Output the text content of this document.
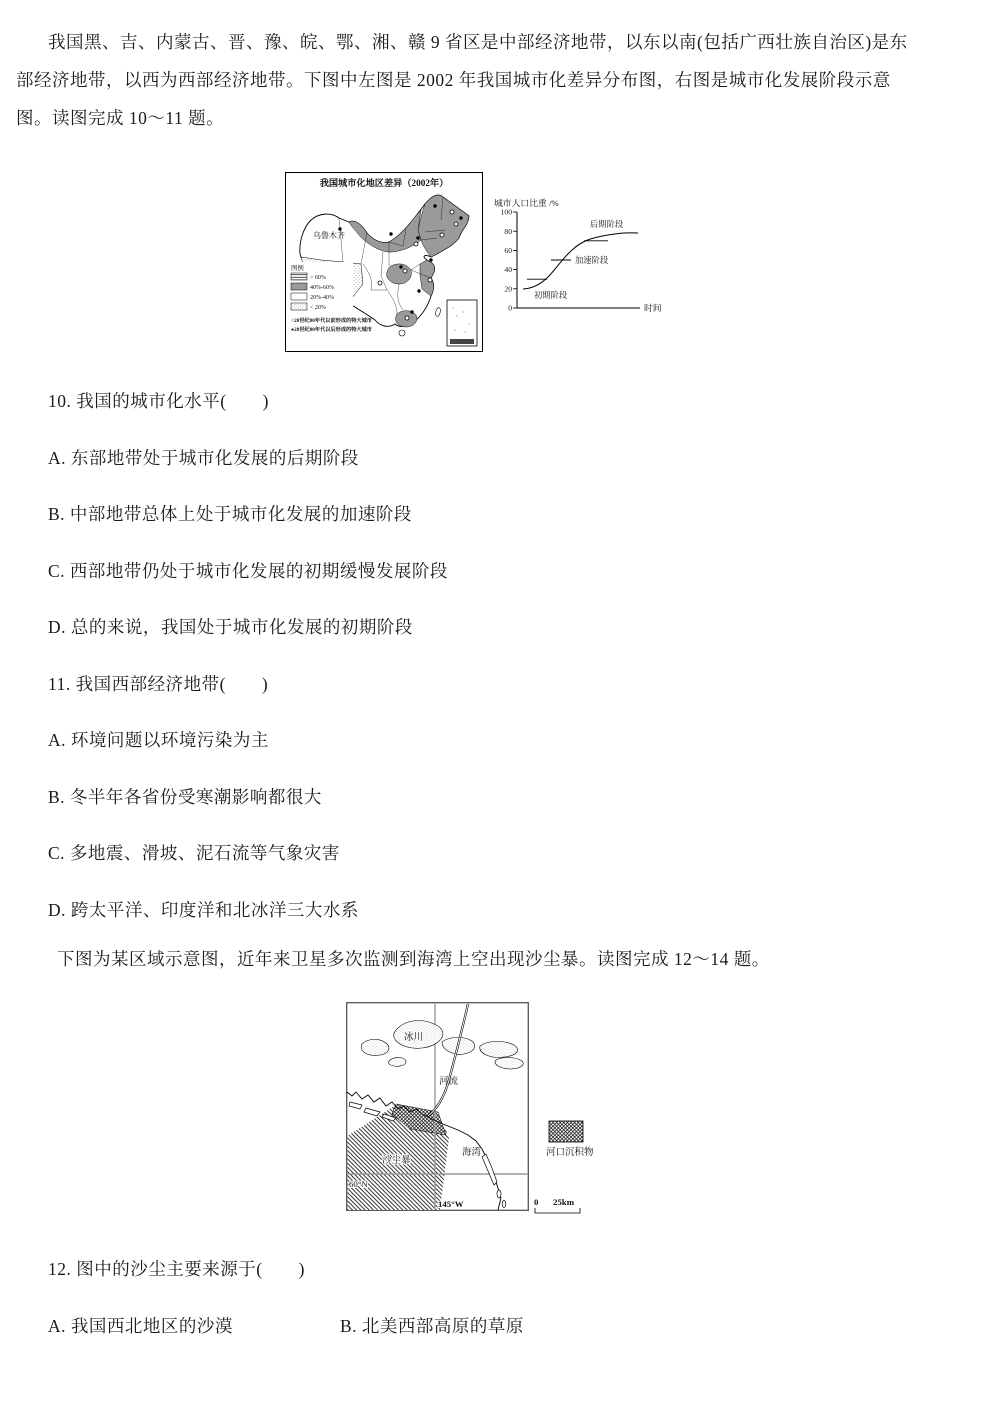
我国黑、吉、内蒙古、晋、豫、皖、鄂、湘、赣 9 省区是中部经济地带，以东以南(包括广西壮族自治区)是东
部经济地带，以西为西部经济地带。下图中左图是 2002 年我国城市化差异分布图，右图是城市化发展阶段示意
图。读图完成 10～11 题。
我国城市化地区差异（2002年）
乌鲁木齐
图例
> 60%
40%-60%
20%-40%
< 20%
○20世纪80年代以前形成的特大城市
●20世纪80年代以后形成的特大城市
城市人口比重 /%
0
20
40
60
80
100
初期阶段
加速阶段
后期阶段
时间
10. 我国的城市化水平(　　)
A. 东部地带处于城市化发展的后期阶段
B. 中部地带总体上处于城市化发展的加速阶段
C. 西部地带仍处于城市化发展的初期缓慢发展阶段
D. 总的来说，我国处于城市化发展的初期阶段
11. 我国西部经济地带(　　)
A. 环境问题以环境污染为主
B. 冬半年各省份受寒潮影响都很大
C. 多地震、滑坡、泥石流等气象灾害
D. 跨太平洋、印度洋和北冰洋三大水系
下图为某区域示意图，近年来卫星多次监测到海湾上空出现沙尘暴。读图完成 12～14 题。
冰川
河流
沙尘暴
海湾
60°N
145°W
河口沉积物
0 25km
12. 图中的沙尘主要来源于(　　)
A. 我国西北地区的沙漠	B. 北美西部高原的草原
